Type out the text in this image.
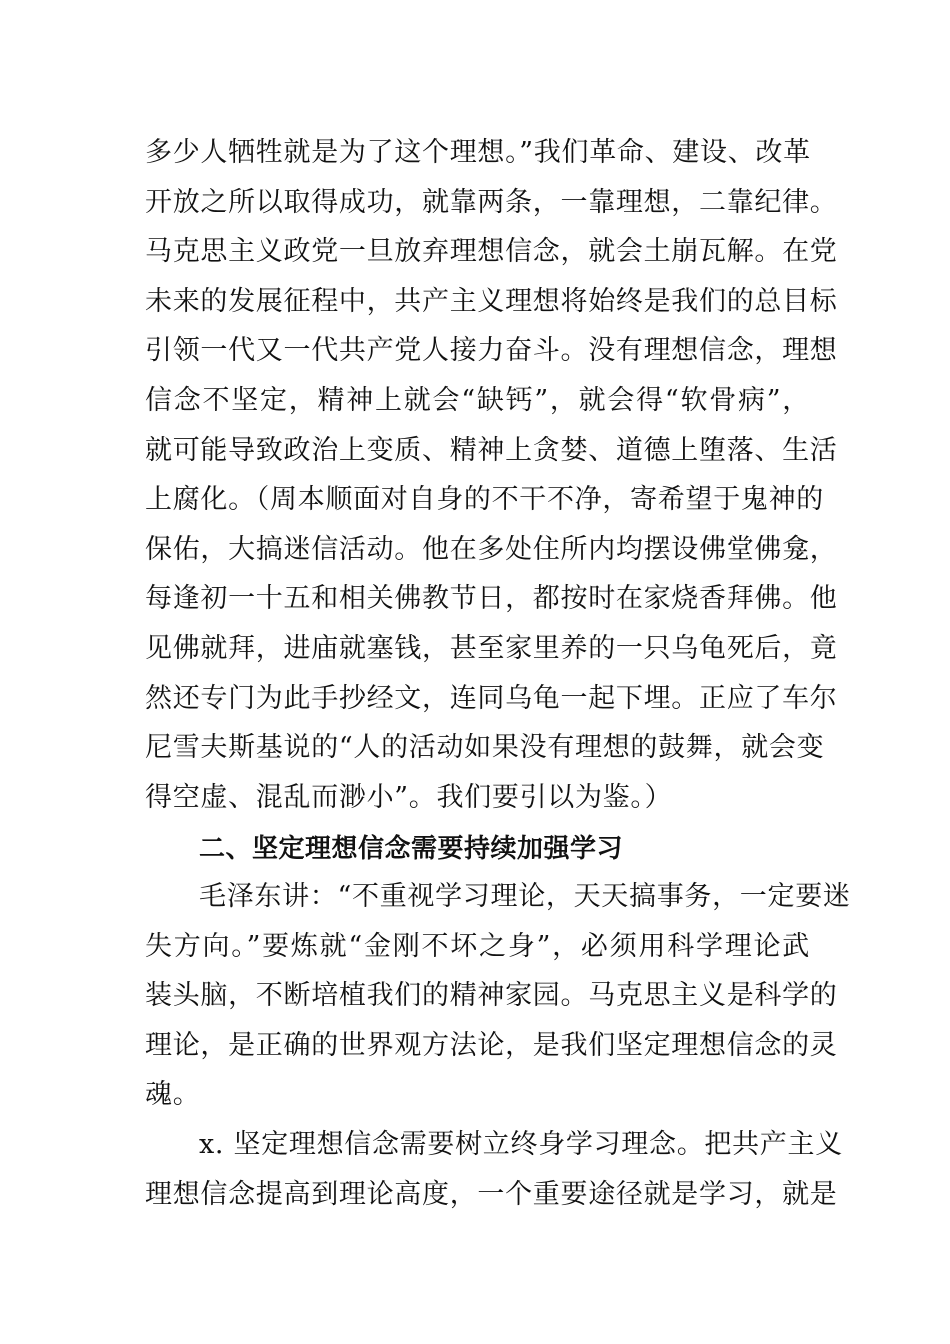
多少人牺牲就是为了这个理想。”我们革命、建设、改革
开放之所以取得成功，就靠两条，一靠理想，二靠纪律。
马克思主义政党一旦放弃理想信念，就会土崩瓦解。在党
未来的发展征程中，共产主义理想将始终是我们的总目标
引领一代又一代共产党人接力奋斗。没有理想信念，理想
信念不坚定，精神上就会“缺钙”，就会得“软骨病”，
就可能导致政治上变质、精神上贪婪、道德上堕落、生活
上腐化。（周本顺面对自身的不干不净，寄希望于鬼神的
保佑，大搞迷信活动。他在多处住所内均摆设佛堂佛龛，
每逢初一十五和相关佛教节日，都按时在家烧香拜佛。他
见佛就拜，进庙就塞钱，甚至家里养的一只乌龟死后，竟
然还专门为此手抄经文，连同乌龟一起下埋。正应了车尔
尼雪夫斯基说的“人的活动如果没有理想的鼓舞，就会变
得空虚、混乱而渺小”。我们要引以为鉴。）
二、坚定理想信念需要持续加强学习
毛泽东讲：“不重视学习理论，天天搞事务，一定要迷
失方向。”要炼就“金刚不坏之身”，必须用科学理论武
装头脑，不断培植我们的精神家园。马克思主义是科学的
理论，是正确的世界观方法论，是我们坚定理想信念的灵
魂。
x. 坚定理想信念需要树立终身学习理念。把共产主义
理想信念提高到理论高度，一个重要途径就是学习，就是
